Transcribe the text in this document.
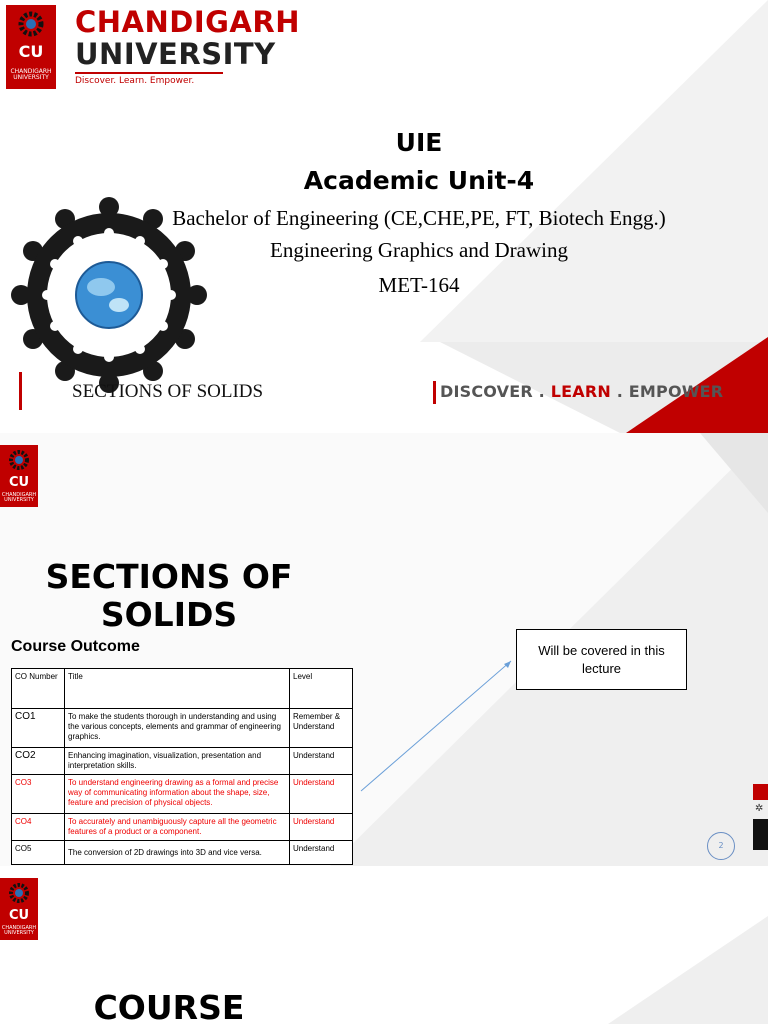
CU
CHANDIGARH UNIVERSITY
CHANDIGARH
UNIVERSITY
Discover. Learn. Empower.
UIE
Academic Unit-4
Bachelor of Engineering (CE,CHE,PE, FT, Biotech Engg.)
Engineering Graphics and Drawing
MET-164
SECTIONS OF SOLIDS	DISCOVER . LEARN . EMPOWER
CU
CHANDIGARH UNIVERSITY
SECTIONS OF
SOLIDS
Course Outcome
CO Number	Title	Level
CO1	To make the students thorough in understanding and using the various concepts, elements and grammar of engineering graphics.	Remember & Understand
CO2	Enhancing imagination, visualization, presentation and interpretation skills.	Understand
CO3	To understand engineering drawing as a formal and precise way of communicating information about the shape, size, feature and precision of physical objects.	Understand
CO4	To accurately and unambiguously capture all the geometric features of a product or a component.	Understand
CO5	The conversion of 2D drawings into 3D and vice versa.	Understand
Will be covered in this lecture
2
✲
CU
CHANDIGARH UNIVERSITY
COURSE
